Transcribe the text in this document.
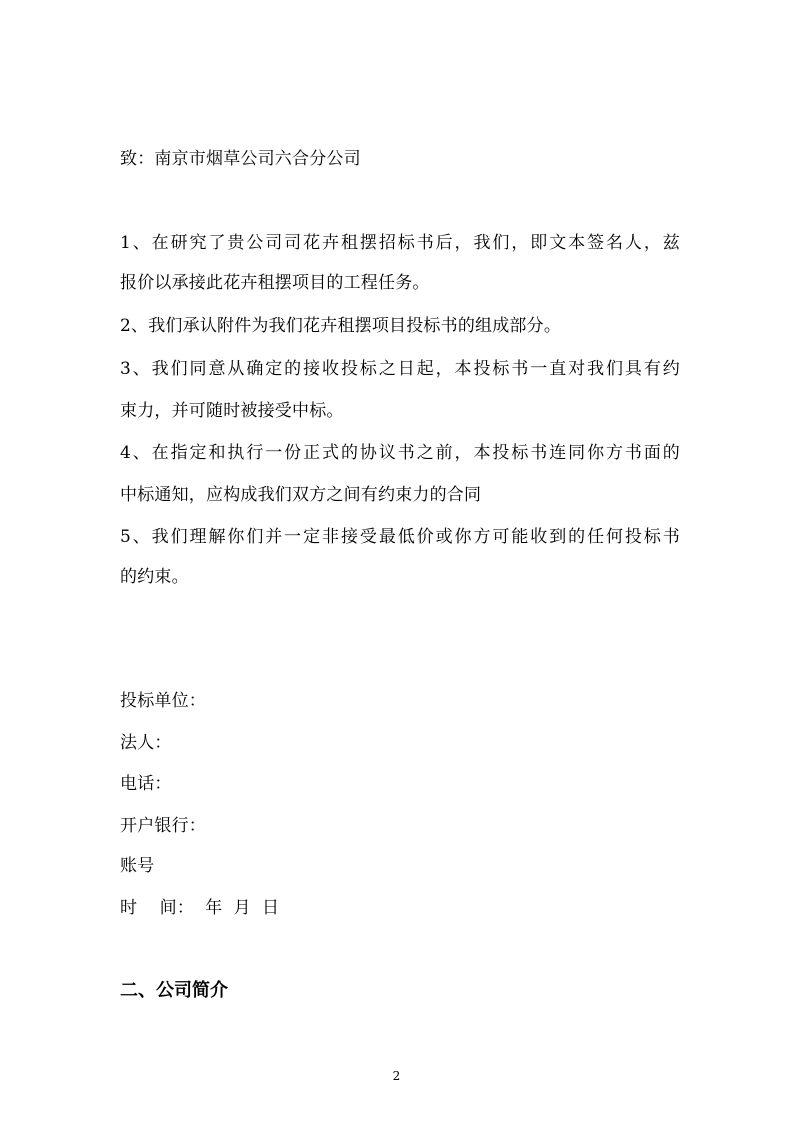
致：南京市烟草公司六合分公司
1、在研究了贵公司司花卉租摆招标书后，我们，即文本签名人，兹
报价以承接此花卉租摆项目的工程任务。
2、我们承认附件为我们花卉租摆项目投标书的组成部分。
3、我们同意从确定的接收投标之日起，本投标书一直对我们具有约
束力，并可随时被接受中标。
4、在指定和执行一份正式的协议书之前，本投标书连同你方书面的
中标通知，应构成我们双方之间有约束力的合同
5、我们理解你们并一定非接受最低价或你方可能收到的任何投标书
的约束。
投标单位：
法人：
电话：
开户银行：
账号
时    间：  年  月  日
二、公司简介
2
